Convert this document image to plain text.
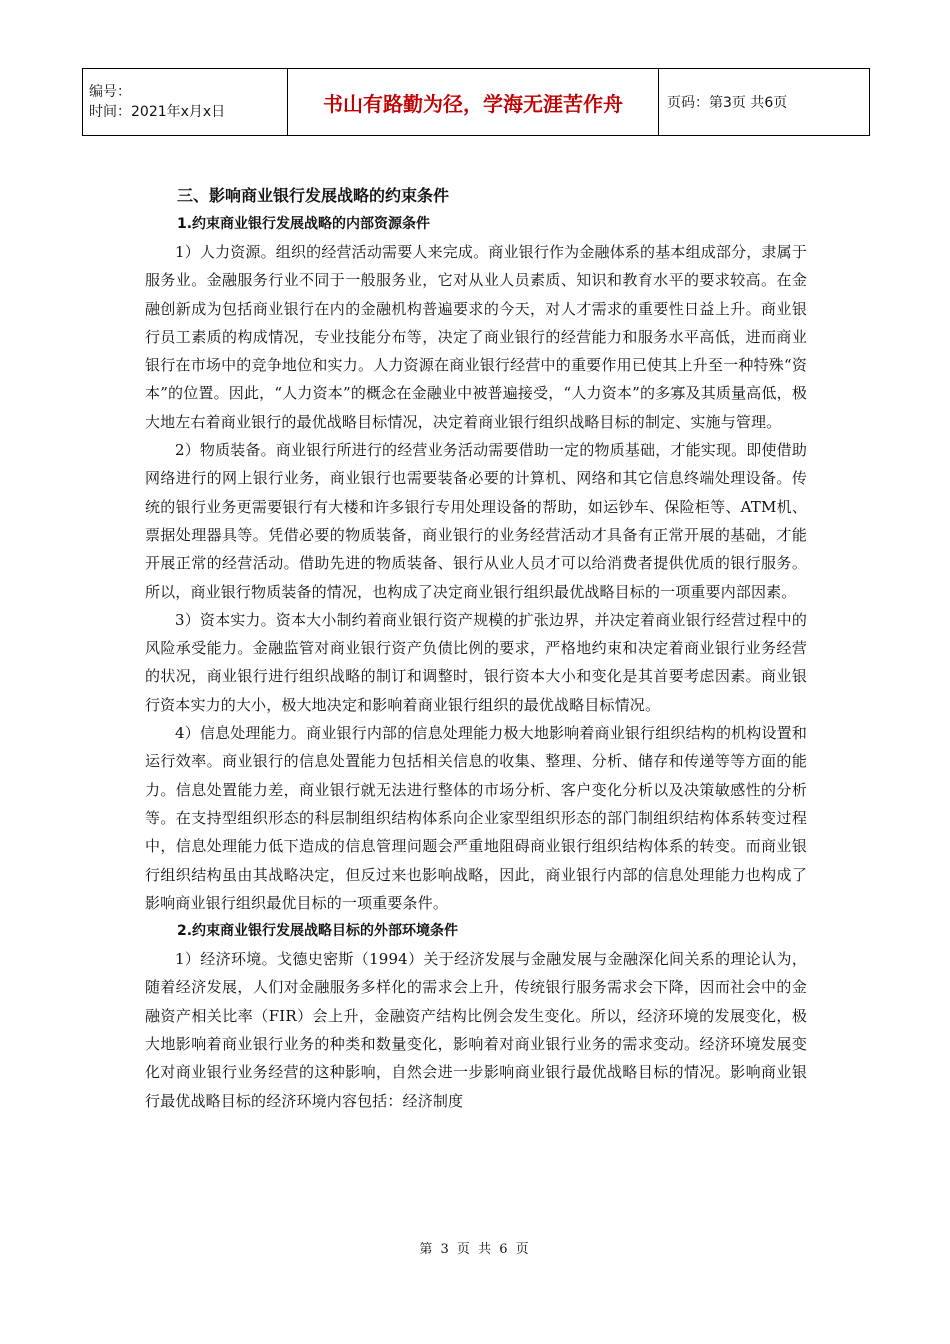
编号：
时间：2021年x月x日	书山有路勤为径，学海无涯苦作舟	页码：第3页 共6页
三、影响商业银行发展战略的约束条件
1.约束商业银行发展战略的内部资源条件

1）人力资源。组织的经营活动需要人来完成。商业银行作为金融体系的基本组成部分，隶属于服务业。金融服务行业不同于一般服务业，它对从业人员素质、知识和教育水平的要求较高。在金融创新成为包括商业银行在内的金融机构普遍要求的今天，对人才需求的重要性日益上升。商业银行员工素质的构成情况，专业技能分布等，决定了商业银行的经营能力和服务水平高低，进而商业银行在市场中的竞争地位和实力。人力资源在商业银行经营中的重要作用已使其上升至一种特殊“资本”的位置。因此，“人力资本”的概念在金融业中被普遍接受，“人力资本”的多寡及其质量高低，极大地左右着商业银行的最优战略目标情况，决定着商业银行组织战略目标的制定、实施与管理。

2）物质装备。商业银行所进行的经营业务活动需要借助一定的物质基础，才能实现。即使借助网络进行的网上银行业务，商业银行也需要装备必要的计算机、网络和其它信息终端处理设备。传统的银行业务更需要银行有大楼和许多银行专用处理设备的帮助，如运钞车、保险柜等、ATM机、票据处理器具等。凭借必要的物质装备，商业银行的业务经营活动才具备有正常开展的基础，才能开展正常的经营活动。借助先进的物质装备、银行从业人员才可以给消费者提供优质的银行服务。所以，商业银行物质装备的情况，也构成了决定商业银行组织最优战略目标的一项重要内部因素。

3）资本实力。资本大小制约着商业银行资产规模的扩张边界，并决定着商业银行经营过程中的风险承受能力。金融监管对商业银行资产负债比例的要求，严格地约束和决定着商业银行业务经营的状况，商业银行进行组织战略的制订和调整时，银行资本大小和变化是其首要考虑因素。商业银行资本实力的大小，极大地决定和影响着商业银行组织的最优战略目标情况。

4）信息处理能力。商业银行内部的信息处理能力极大地影响着商业银行组织结构的机构设置和运行效率。商业银行的信息处置能力包括相关信息的收集、整理、分析、储存和传递等等方面的能力。信息处置能力差，商业银行就无法进行整体的市场分析、客户变化分析以及决策敏感性的分析等。在支持型组织形态的科层制组织结构体系向企业家型组织形态的部门制组织结构体系转变过程中，信息处理能力低下造成的信息管理问题会严重地阻碍商业银行组织结构体系的转变。而商业银行组织结构虽由其战略决定，但反过来也影响战略，因此，商业银行内部的信息处理能力也构成了影响商业银行组织最优目标的一项重要条件。

2.约束商业银行发展战略目标的外部环境条件

1）经济环境。戈德史密斯（1994）关于经济发展与金融发展与金融深化间关系的理论认为，随着经济发展，人们对金融服务多样化的需求会上升，传统银行服务需求会下降，因而社会中的金融资产相关比率（FIR）会上升，金融资产结构比例会发生变化。所以，经济环境的发展变化，极大地影响着商业银行业务的种类和数量变化，影响着对商业银行业务的需求变动。经济环境发展变化对商业银行业务经营的这种影响，自然会进一步影响商业银行最优战略目标的情况。影响商业银行最优战略目标的经济环境内容包括：经济制度

第 3 页 共 6 页
